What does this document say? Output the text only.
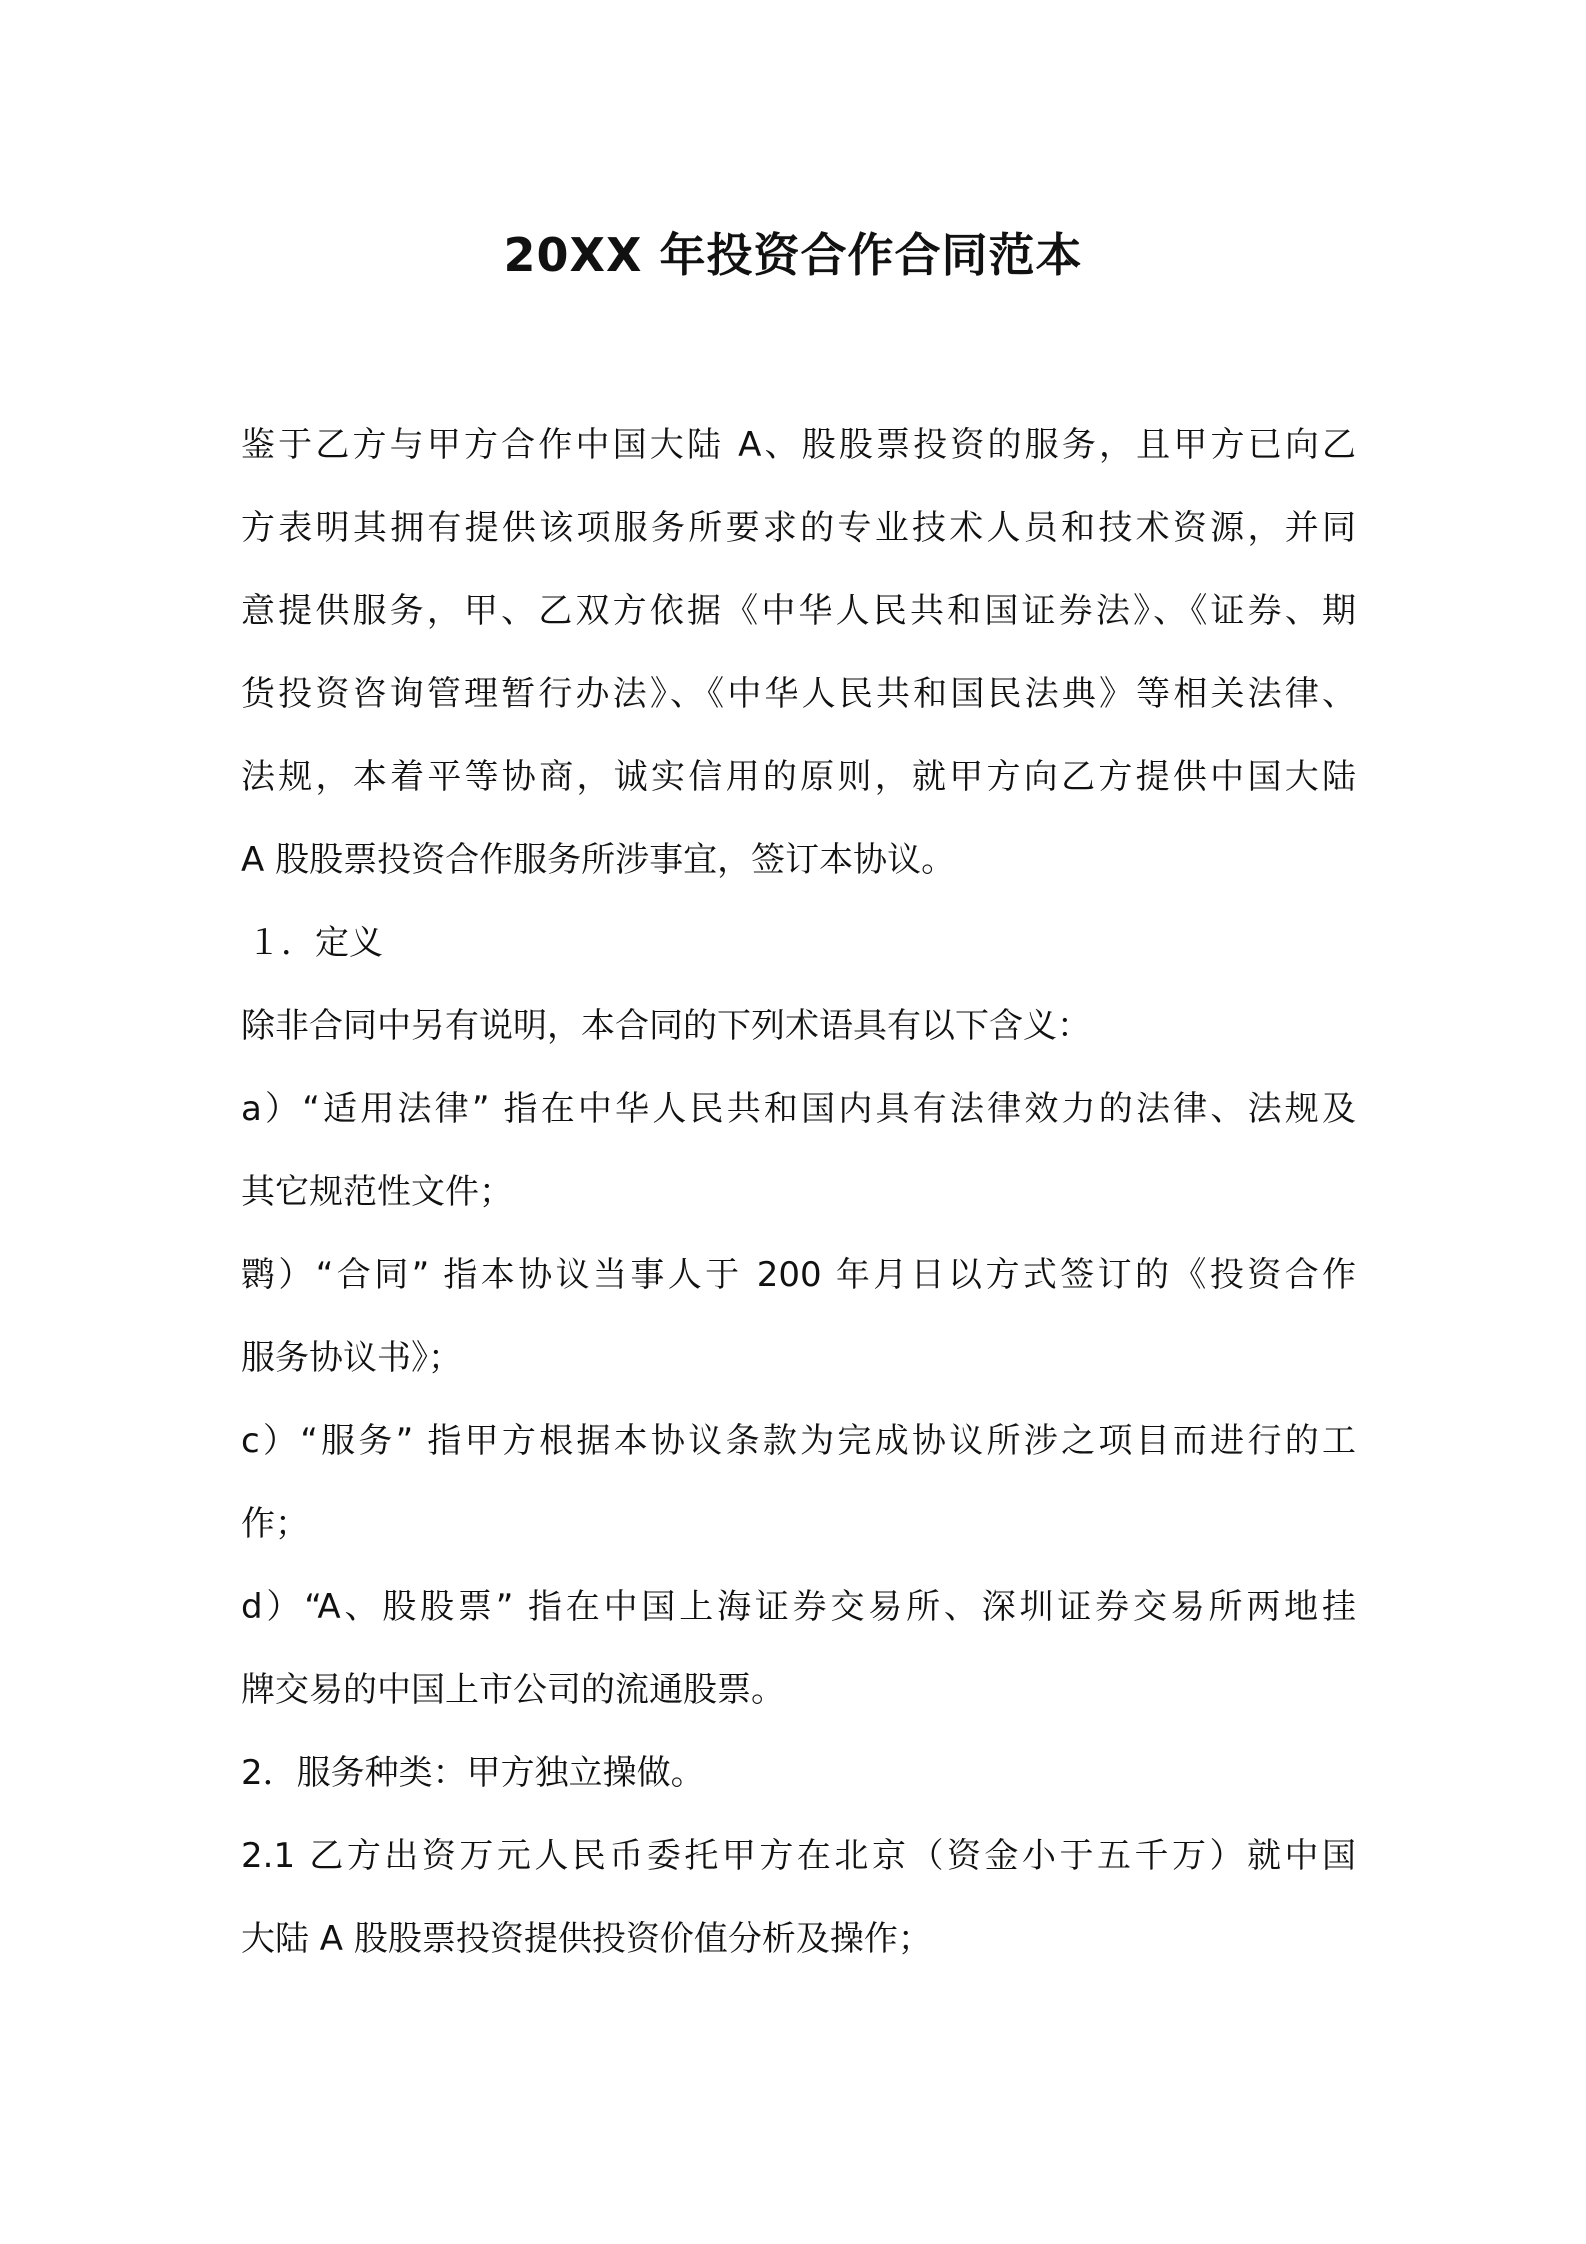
20XX 年投资合作合同范本

鉴于乙方与甲方合作中国大陆 A、股股票投资的服务，且甲方已向乙

方表明其拥有提供该项服务所要求的专业技术人员和技术资源，并同

意提供服务，甲、乙双方依据《中华人民共和国证券法》、《证券、期

货投资咨询管理暂行办法》、《中华人民共和国民法典》等相关法律、

法规，本着平等协商，诚实信用的原则，就甲方向乙方提供中国大陆

A 股股票投资合作服务所涉事宜，签订本协议。

１．定义

除非合同中另有说明，本合同的下列术语具有以下含义：

a）“适用法律” 指在中华人民共和国内具有法律效力的法律、法规及

其它规范性文件；

鹮）“合同” 指本协议当事人于 200 年月日以方式签订的《投资合作

服务协议书》；

c）“服务” 指甲方根据本协议条款为完成协议所涉之项目而进行的工

作；

d）“A、股股票” 指在中国上海证券交易所、深圳证券交易所两地挂

牌交易的中国上市公司的流通股票。

2．服务种类：甲方独立操做。

2.1 乙方出资万元人民币委托甲方在北京（资金小于五千万）就中国

大陆 A 股股票投资提供投资价值分析及操作；
